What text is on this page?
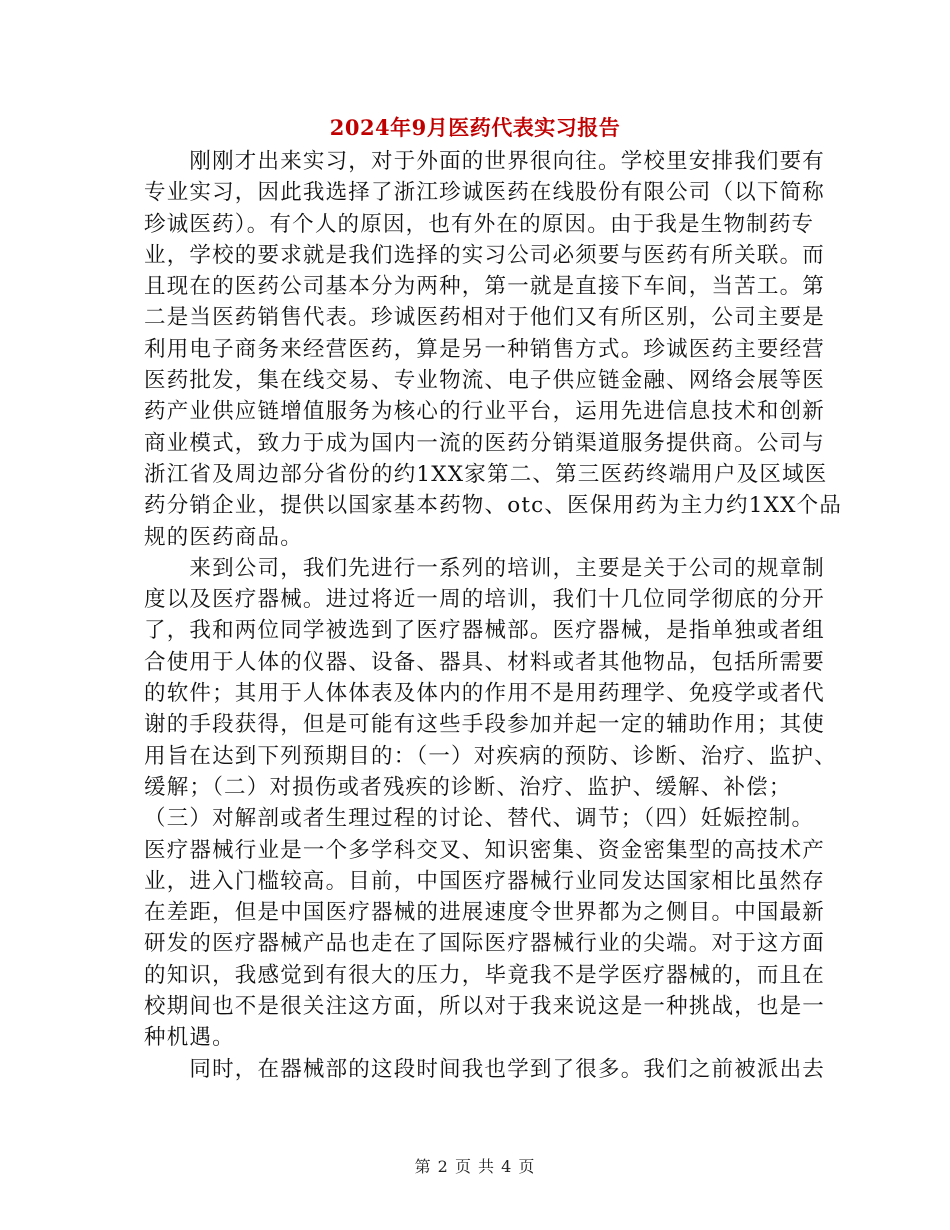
2024年9月医药代表实习报告
　　刚刚才出来实习，对于外面的世界很向往。学校里安排我们要有
专业实习，因此我选择了浙江珍诚医药在线股份有限公司（以下简称
珍诚医药）。有个人的原因，也有外在的原因。由于我是生物制药专
业，学校的要求就是我们选择的实习公司必须要与医药有所关联。而
且现在的医药公司基本分为两种，第一就是直接下车间，当苦工。第
二是当医药销售代表。珍诚医药相对于他们又有所区别，公司主要是
利用电子商务来经营医药，算是另一种销售方式。珍诚医药主要经营
医药批发，集在线交易、专业物流、电子供应链金融、网络会展等医
药产业供应链增值服务为核心的行业平台，运用先进信息技术和创新
商业模式，致力于成为国内一流的医药分销渠道服务提供商。公司与
浙江省及周边部分省份的约1XX家第二、第三医药终端用户及区域医
药分销企业，提供以国家基本药物、otc、医保用药为主力约1XX个品
规的医药商品。
　　来到公司，我们先进行一系列的培训，主要是关于公司的规章制
度以及医疗器械。进过将近一周的培训，我们十几位同学彻底的分开
了，我和两位同学被选到了医疗器械部。医疗器械，是指单独或者组
合使用于人体的仪器、设备、器具、材料或者其他物品，包括所需要
的软件；其用于人体体表及体内的作用不是用药理学、免疫学或者代
谢的手段获得，但是可能有这些手段参加并起一定的辅助作用；其使
用旨在达到下列预期目的：（一）对疾病的预防、诊断、治疗、监护、
缓解；（二）对损伤或者残疾的诊断、治疗、监护、缓解、补偿；
（三）对解剖或者生理过程的讨论、替代、调节；（四）妊娠控制。
医疗器械行业是一个多学科交叉、知识密集、资金密集型的高技术产
业，进入门槛较高。目前，中国医疗器械行业同发达国家相比虽然存
在差距，但是中国医疗器械的进展速度令世界都为之侧目。中国最新
研发的医疗器械产品也走在了国际医疗器械行业的尖端。对于这方面
的知识，我感觉到有很大的压力，毕竟我不是学医疗器械的，而且在
校期间也不是很关注这方面，所以对于我来说这是一种挑战，也是一
种机遇。
　　同时，在器械部的这段时间我也学到了很多。我们之前被派出去
第 2 页 共 4 页
